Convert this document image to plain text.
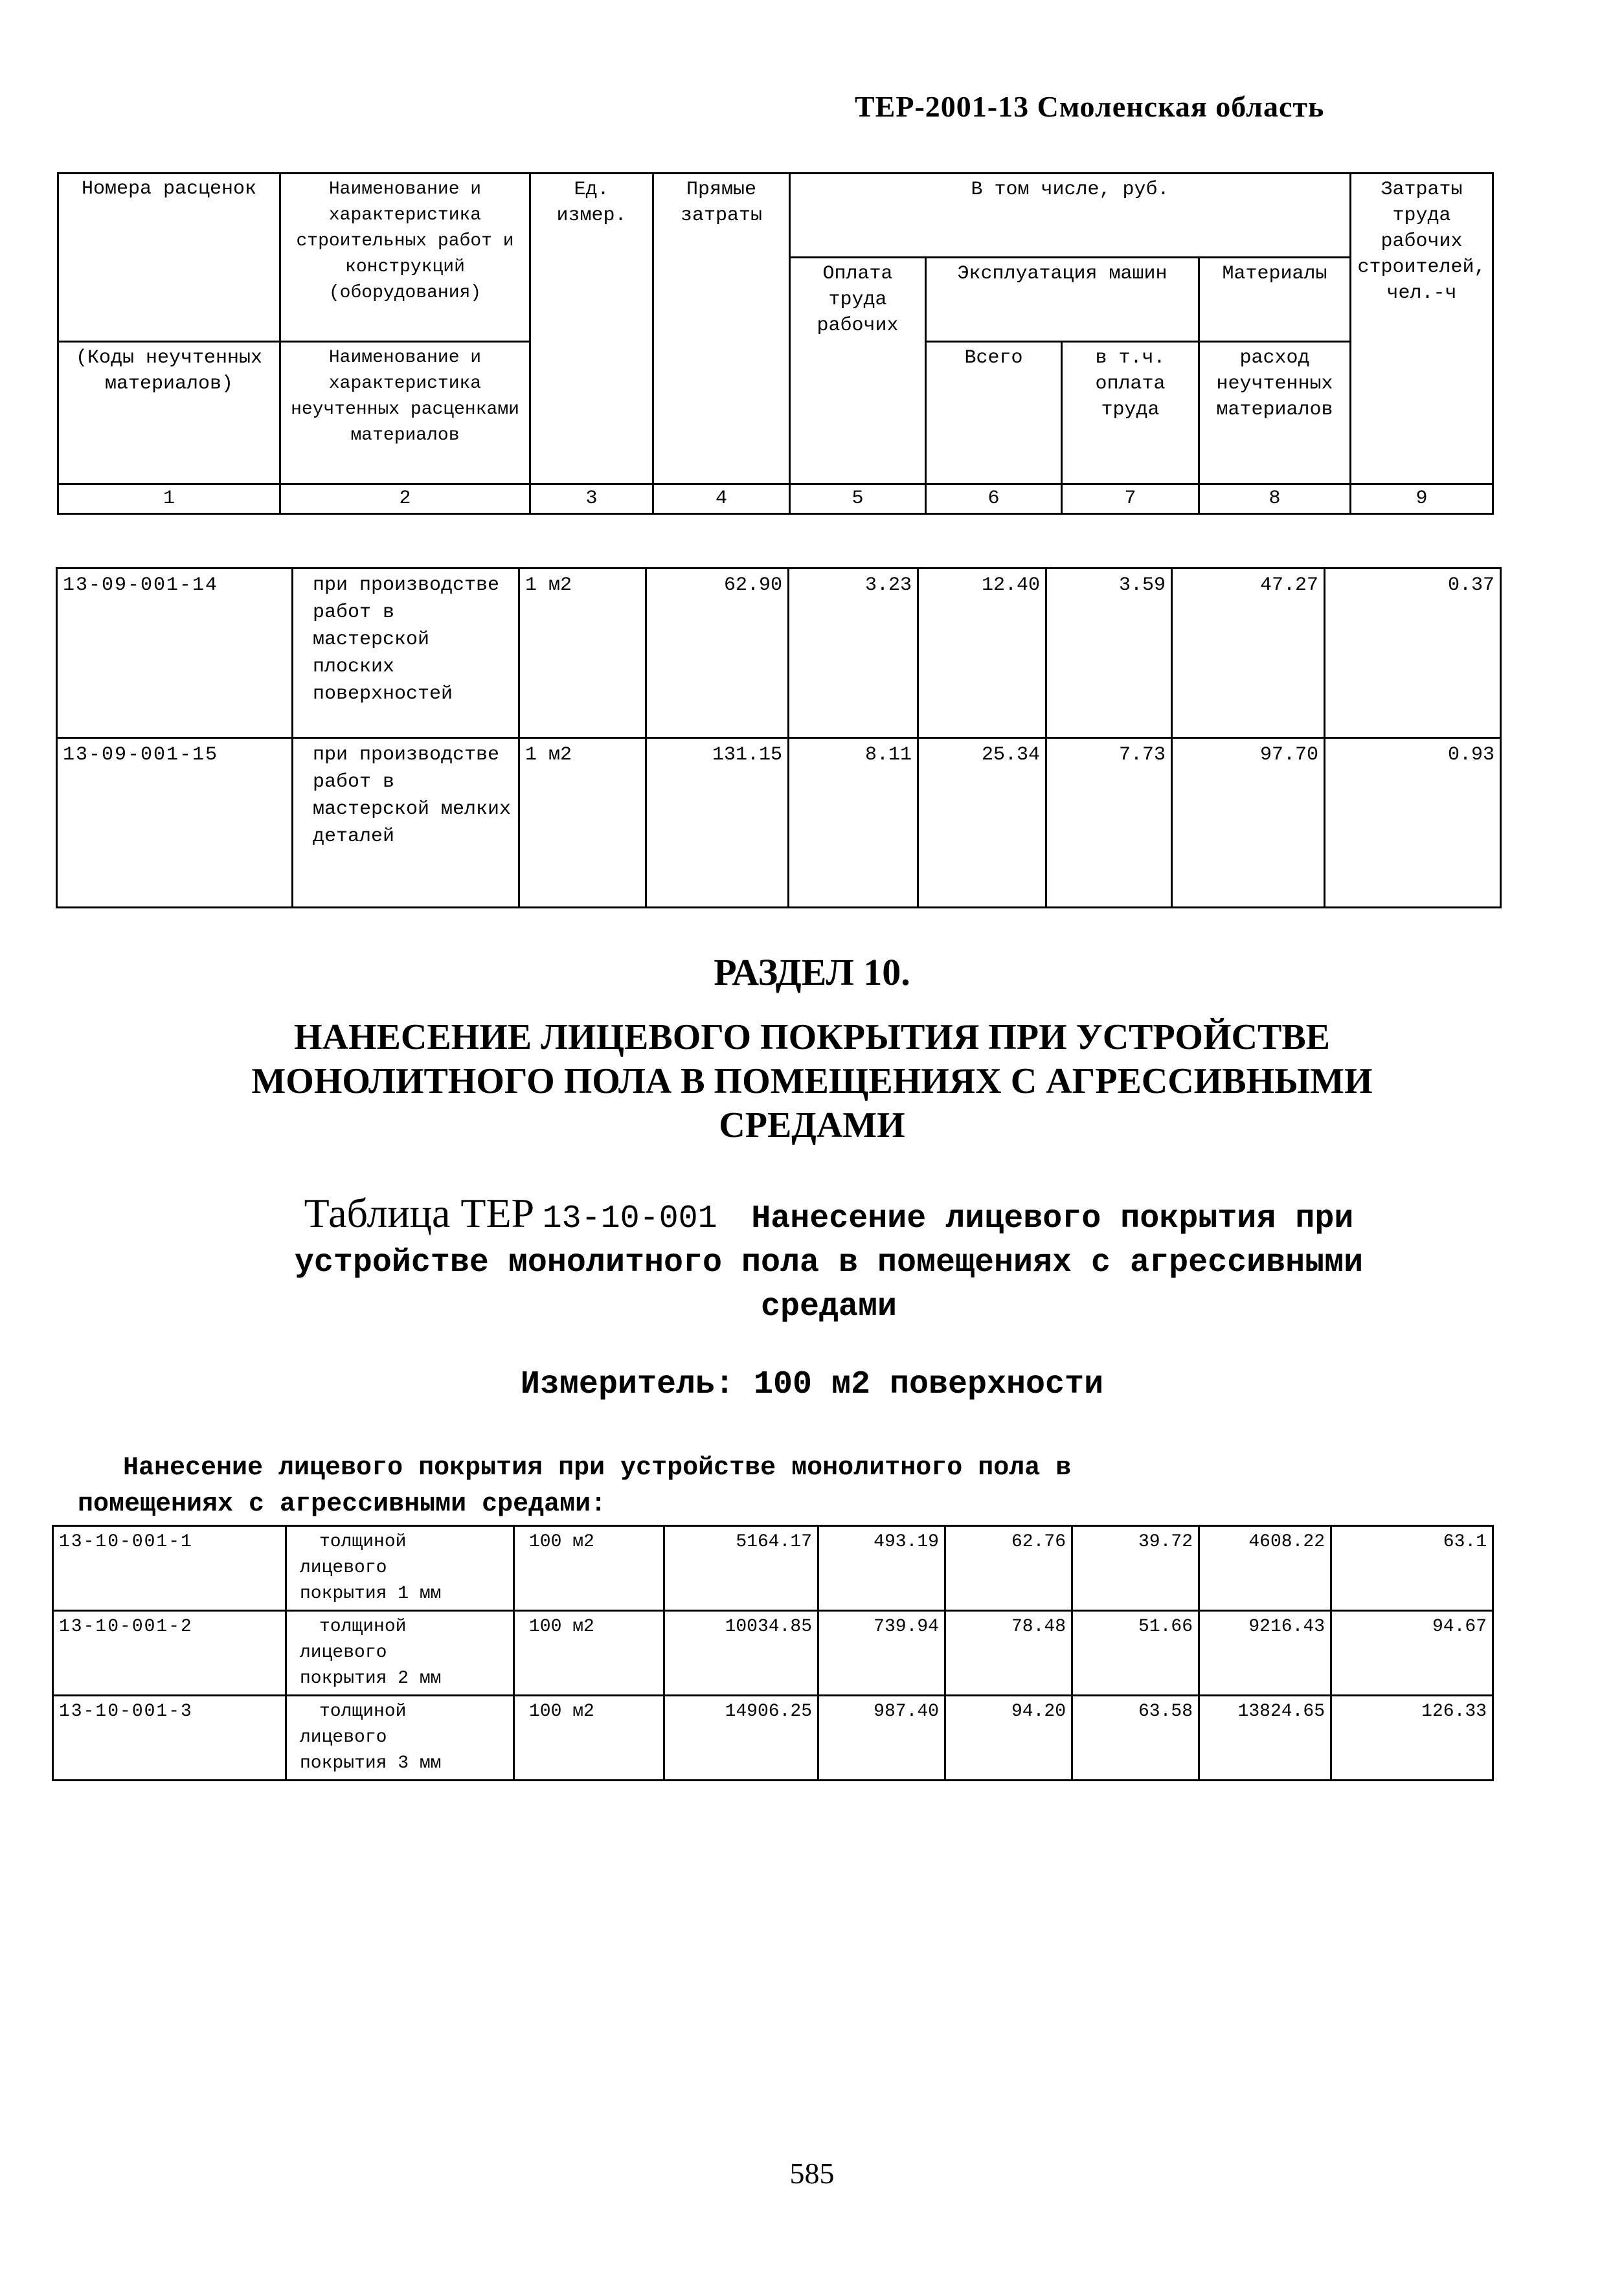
ТЕР-2001-13 Смоленская область
Номера расценок	Наименование и характеристика строительных работ и конструкций (оборудования)	Ед. измер.	Прямые затраты	В том числе, руб.				Затраты труда рабочих строителей, чел.-ч
				Оплата труда рабочих	Эксплуатация машин		Материалы	
(Коды неучтенных материалов)	Наименование и характеристика неучтенных расценками материалов				Всего	в т.ч. оплата труда	расход неучтенных материалов	
1	2	3	4	5	6	7	8	9
13-09-001-14	при производстве работ в мастерской плоских поверхностей	1 м2	62.90	3.23	12.40	3.59	47.27	0.37
13-09-001-15	при производстве работ в мастерской мелких деталей	1 м2	131.15	8.11	25.34	7.73	97.70	0.93
РАЗДЕЛ 10.
НАНЕСЕНИЕ ЛИЦЕВОГО ПОКРЫТИЯ ПРИ УСТРОЙСТВЕ
МОНОЛИТНОГО ПОЛА В ПОМЕЩЕНИЯХ С АГРЕССИВНЫМИ
СРЕДАМИ
Таблица ТЕР 13-10-001 Нанесение лицевого покрытия при
устройстве монолитного пола в помещениях с агрессивными
средами
Измеритель: 100 м2 поверхности
Нанесение лицевого покрытия при устройстве монолитного пола в
помещениях с агрессивными средами:
13-10-001-1	толщиной
лицевого
покрытия 1 мм	100 м2	5164.17	493.19	62.76	39.72	4608.22	63.1
13-10-001-2	толщиной
лицевого
покрытия 2 мм	100 м2	10034.85	739.94	78.48	51.66	9216.43	94.67
13-10-001-3	толщиной
лицевого
покрытия 3 мм	100 м2	14906.25	987.40	94.20	63.58	13824.65	126.33
585
